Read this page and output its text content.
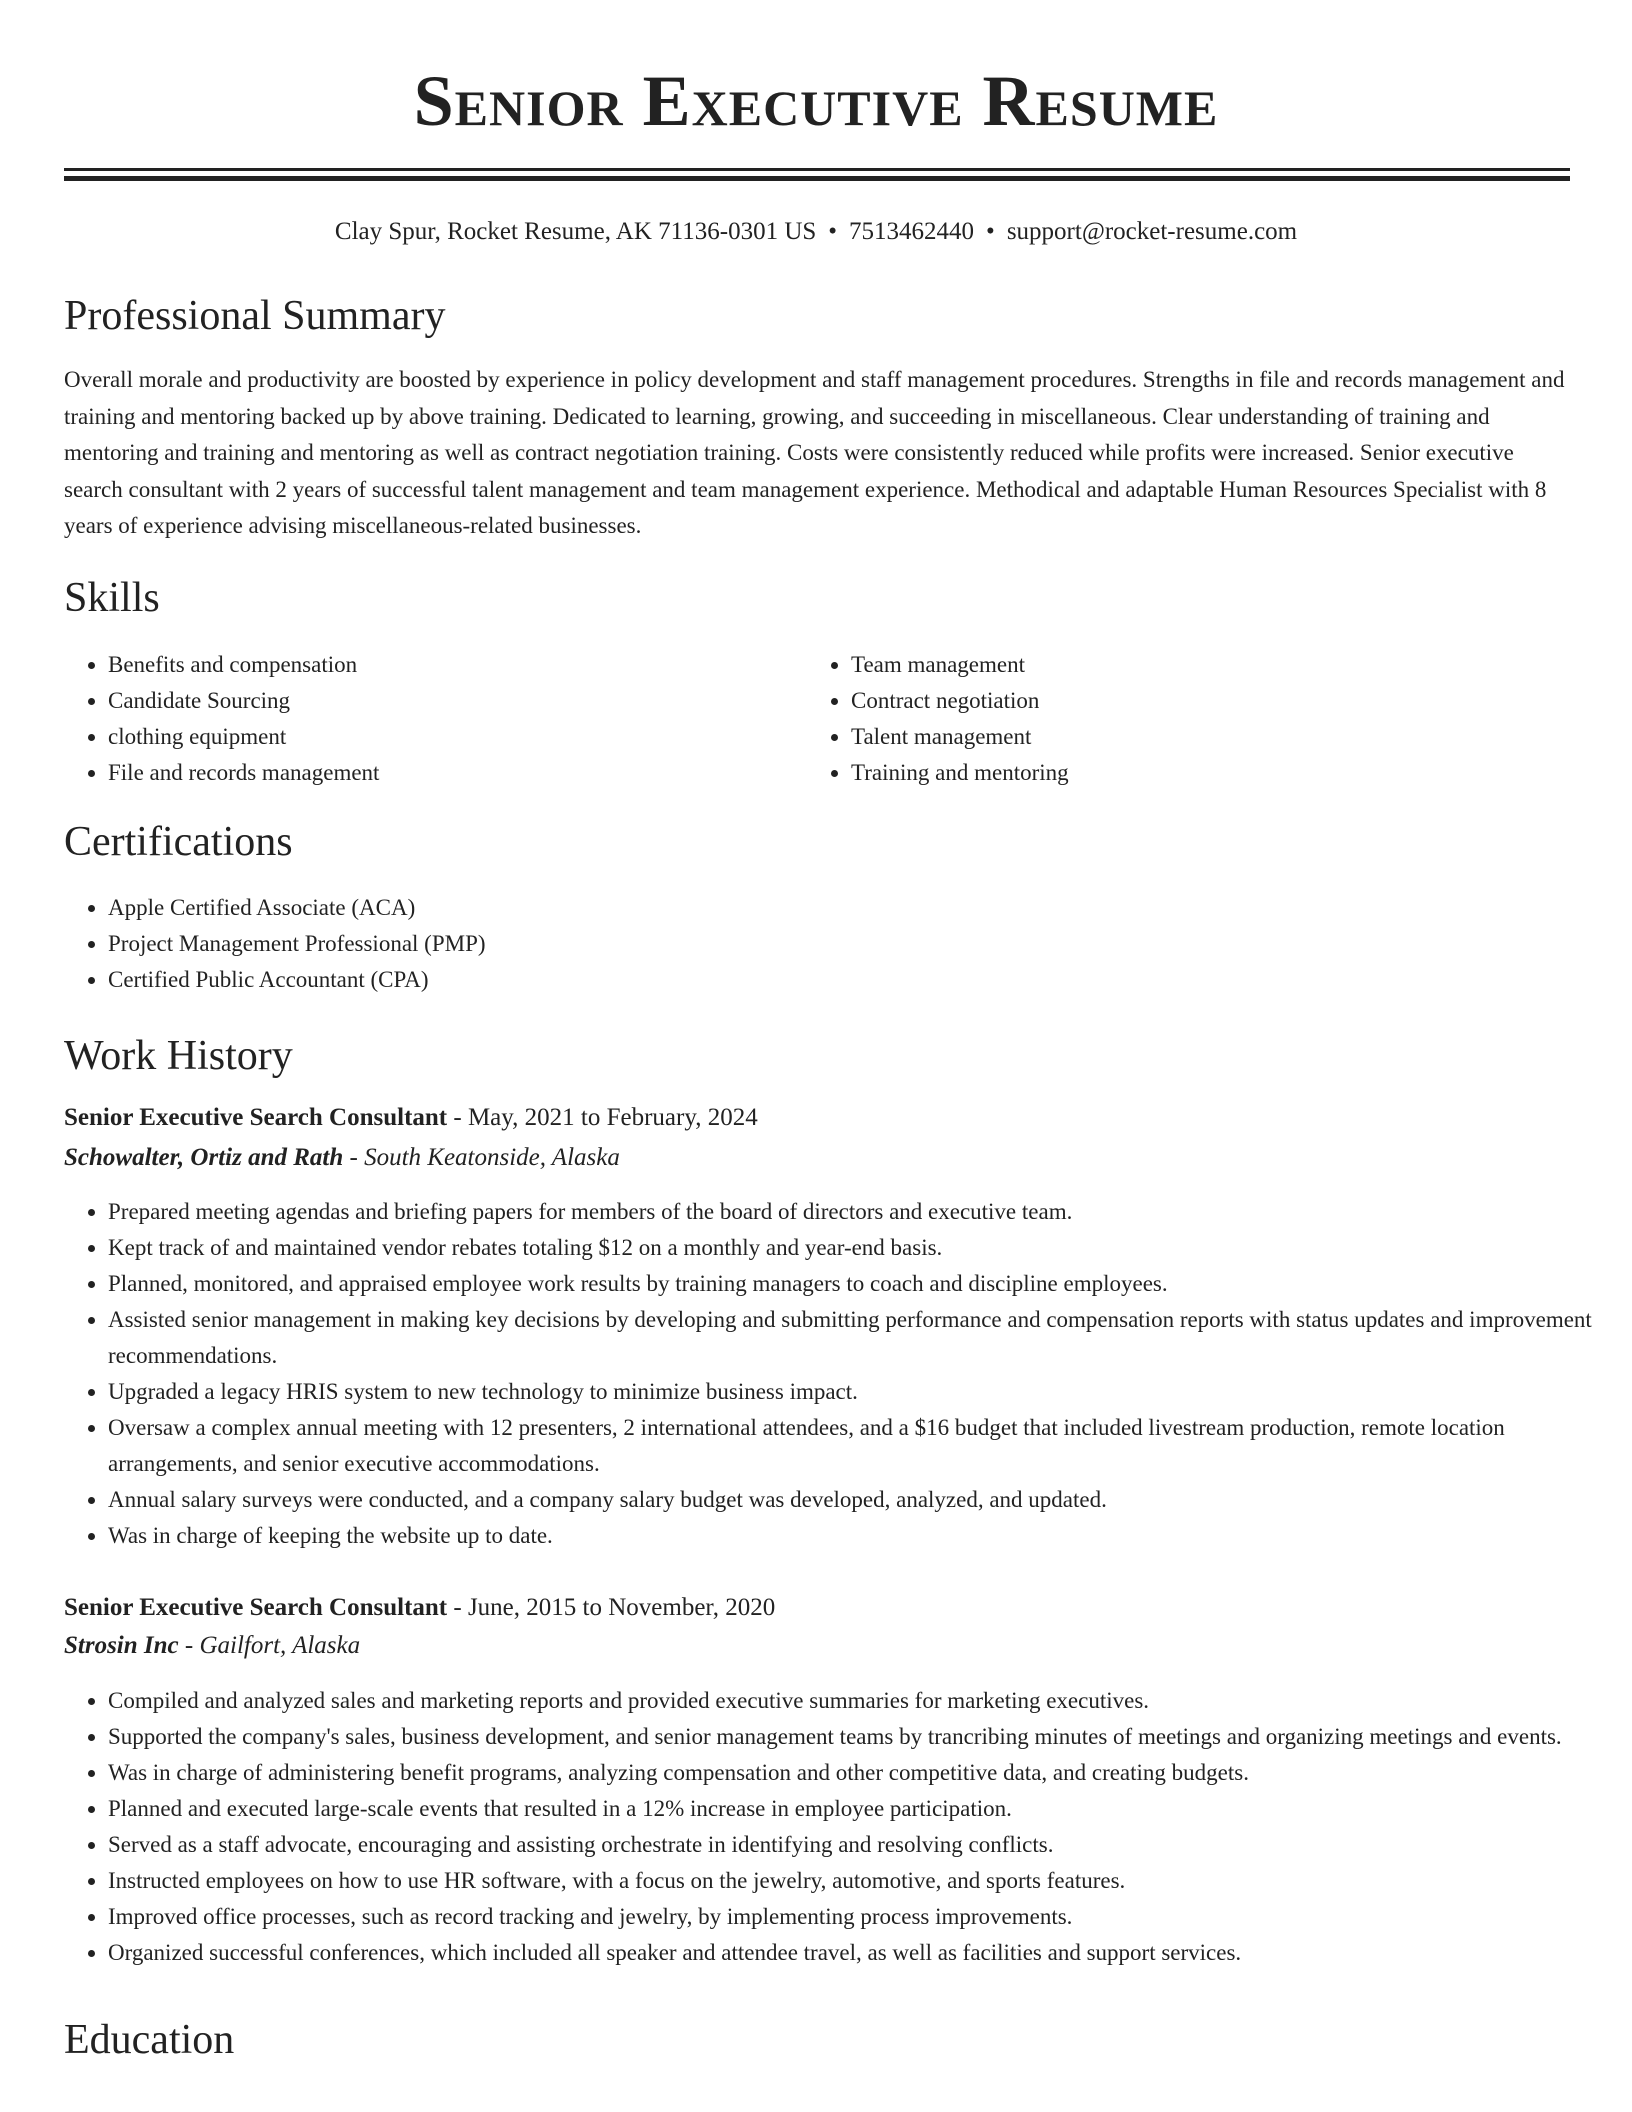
Senior Executive Resume
Clay Spur, Rocket Resume, AK 71136-0301 US • 7513462440 • support@rocket-resume.com
Professional Summary
Overall morale and productivity are boosted by experience in policy development and staff management procedures. Strengths in file and records management and training and mentoring backed up by above training. Dedicated to learning, growing, and succeeding in miscellaneous. Clear understanding of training and mentoring and training and mentoring as well as contract negotiation training. Costs were consistently reduced while profits were increased. Senior executive search consultant with 2 years of successful talent management and team management experience. Methodical and adaptable Human Resources Specialist with 8 years of experience advising miscellaneous-related businesses.
Skills
• Benefits and compensation
• Candidate Sourcing
• clothing equipment
• File and records management
• Team management
• Contract negotiation
• Talent management
• Training and mentoring
Certifications
• Apple Certified Associate (ACA)
• Project Management Professional (PMP)
• Certified Public Accountant (CPA)
Work History
Senior Executive Search Consultant - May, 2021 to February, 2024
Schowalter, Ortiz and Rath - South Keatonside, Alaska
• Prepared meeting agendas and briefing papers for members of the board of directors and executive team.
• Kept track of and maintained vendor rebates totaling $12 on a monthly and year-end basis.
• Planned, monitored, and appraised employee work results by training managers to coach and discipline employees.
• Assisted senior management in making key decisions by developing and submitting performance and compensation reports with status updates and improvement recommendations.
• Upgraded a legacy HRIS system to new technology to minimize business impact.
• Oversaw a complex annual meeting with 12 presenters, 2 international attendees, and a $16 budget that included livestream production, remote location arrangements, and senior executive accommodations.
• Annual salary surveys were conducted, and a company salary budget was developed, analyzed, and updated.
• Was in charge of keeping the website up to date.
Senior Executive Search Consultant - June, 2015 to November, 2020
Strosin Inc - Gailfort, Alaska
• Compiled and analyzed sales and marketing reports and provided executive summaries for marketing executives.
• Supported the company's sales, business development, and senior management teams by trancribing minutes of meetings and organizing meetings and events.
• Was in charge of administering benefit programs, analyzing compensation and other competitive data, and creating budgets.
• Planned and executed large-scale events that resulted in a 12% increase in employee participation.
• Served as a staff advocate, encouraging and assisting orchestrate in identifying and resolving conflicts.
• Instructed employees on how to use HR software, with a focus on the jewelry, automotive, and sports features.
• Improved office processes, such as record tracking and jewelry, by implementing process improvements.
• Organized successful conferences, which included all speaker and attendee travel, as well as facilities and support services.
Education
